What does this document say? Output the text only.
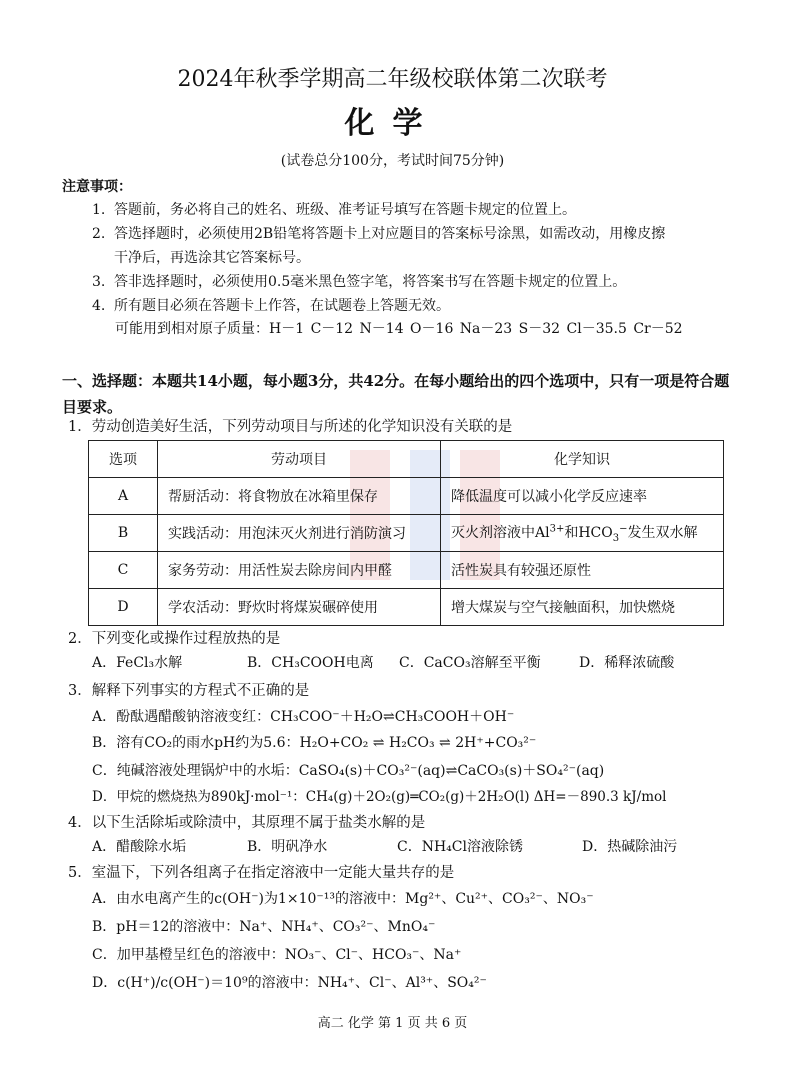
2024年秋季学期高二年级校联体第二次联考
化学
(试卷总分100分，考试时间75分钟)
注意事项：
1. 答题前，务必将自己的姓名、班级、准考证号填写在答题卡规定的位置上。
2. 答选择题时，必须使用2B铅笔将答题卡上对应题目的答案标号涂黑，如需改动，用橡皮擦
干净后，再选涂其它答案标号。
3. 答非选择题时，必须使用0.5毫米黑色签字笔，将答案书写在答题卡规定的位置上。
4. 所有题目必须在答题卡上作答，在试题卷上答题无效。
可能用到相对原子质量：H－1 C－12 N－14 O－16 Na－23 S－32 Cl－35.5 Cr－52
一、选择题：本题共14小题，每小题3分，共42分。在每小题给出的四个选项中，只有一项是符合题目要求。
1．劳动创造美好生活，下列劳动项目与所述的化学知识没有关联的是
选项	劳动项目	化学知识
A	帮厨活动：将食物放在冰箱里保存	降低温度可以减小化学反应速率
B	实践活动：用泡沫灭火剂进行消防演习	灭火剂溶液中$Al^{3+}$和$HCO_3^-$发生双水解
C	家务劳动：用活性炭去除房间内甲醛	活性炭具有较强还原性
D	学农活动：野炊时将煤炭碾碎使用	增大煤炭与空气接触面积，加快燃烧
2．下列变化或操作过程放热的是
A．FeCl₃水解	B．CH₃COOH电离	C．CaCO₃溶解至平衡	D．稀释浓硫酸
3．解释下列事实的方程式不正确的是
A．酚酞遇醋酸钠溶液变红：CH₃COO⁻＋H₂O⇌CH₃COOH＋OH⁻
B．溶有CO₂的雨水pH约为5.6：H₂O+CO₂ ⇌ H₂CO₃ ⇌ 2H⁺+CO₃²⁻
C．纯碱溶液处理锅炉中的水垢：CaSO₄(s)＋CO₃²⁻(aq)⇌CaCO₃(s)＋SO₄²⁻(aq)
D．甲烷的燃烧热为890kJ·mol⁻¹：CH₄(g)＋2O₂(g)═CO₂(g)＋2H₂O(l) ΔH=－890.3 kJ/mol
4．以下生活除垢或除渍中，其原理不属于盐类水解的是
A．醋酸除水垢	B．明矾净水	C．NH₄Cl溶液除锈	D．热碱除油污
5．室温下，下列各组离子在指定溶液中一定能大量共存的是
A．由水电离产生的c(OH⁻)为1×10⁻¹³的溶液中：Mg²⁺、Cu²⁺、CO₃²⁻、NO₃⁻
B．pH＝12的溶液中：Na⁺、NH₄⁺、CO₃²⁻、MnO₄⁻
C．加甲基橙呈红色的溶液中：NO₃⁻、Cl⁻、HCO₃⁻、Na⁺
D．c(H⁺)/c(OH⁻)＝10⁹的溶液中：NH₄⁺、Cl⁻、Al³⁺、SO₄²⁻
高二 化学 第 1 页 共 6 页
